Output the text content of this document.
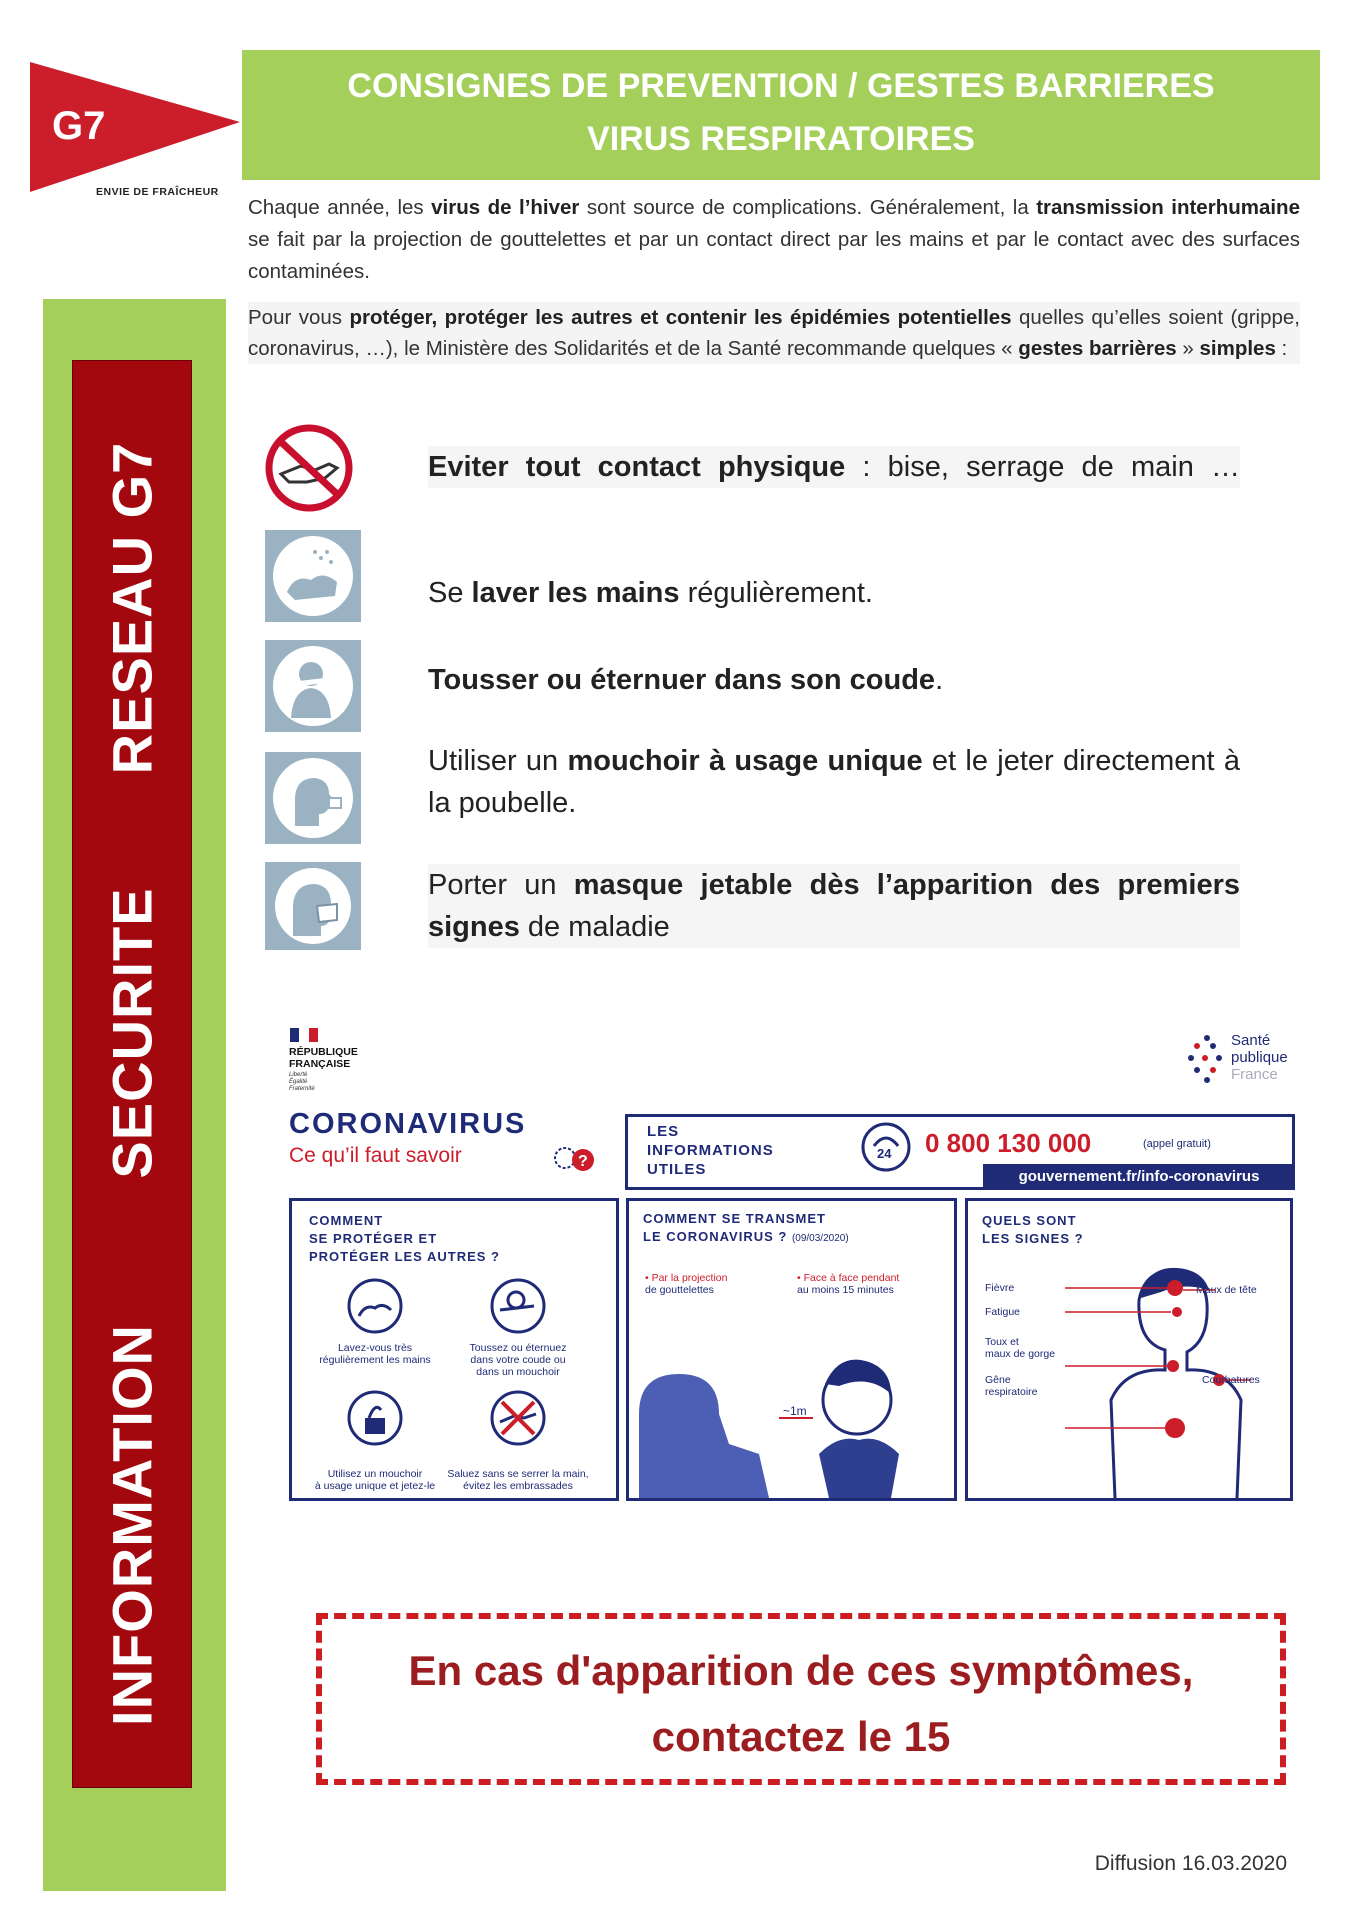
G7
ENVIE DE FRAÎCHEUR
CONSIGNES DE PREVENTION / GESTES BARRIERES
VIRUS RESPIRATOIRES
Chaque année, les virus de l’hiver sont source de complications. Généralement, la transmission interhumaine se fait par la projection de gouttelettes et par un contact direct par les mains et par le contact avec des surfaces contaminées.
Pour vous protéger, protéger les autres et contenir les épidémies potentielles quelles qu’elles soient (grippe, coronavirus, …), le Ministère des Solidarités et de la Santé recommande quelques « gestes barrières » simples :
INFORMATION
SECURITE
RESEAU G7	Eviter tout contact physique : bise, serrage de main …
Se laver les mains régulièrement.
Tousser ou éternuer dans son coude.
Utiliser un mouchoir à usage unique et le jeter directement à la poubelle.
Porter un masque jetable dès l’apparition des premiers signes de maladie
RÉPUBLIQUE
FRANÇAISE
Liberté
Égalité
Fraternité
Santé
publique
France
CORONAVIRUS
Ce qu’il faut savoir	?
LES
INFORMATIONS
UTILES
24 0 800 130 000	(appel gratuit)
gouvernement.fr/info-coronavirus
COMMENT
SE PROTÉGER ET
PROTÉGER LES AUTRES ?
Lavez-vous très
régulièrement les mains
Toussez ou éternuez
dans votre coude ou
dans un mouchoir
Utilisez un mouchoir
à usage unique et jetez-le
Saluez sans se serrer la main,
évitez les embrassades
COMMENT SE TRANSMET
LE CORONAVIRUS ? (09/03/2020)
• Par la projection
de gouttelettes
• Face à face pendant
au moins 15 minutes
~1m
QUELS SONT
LES SIGNES ?
Fièvre
Fatigue
Toux et
maux de gorge
Gêne
respiratoire
Maux de tête
Courbatures
En cas d'apparition de ces symptômes,
contactez le 15
Diffusion 16.03.2020
